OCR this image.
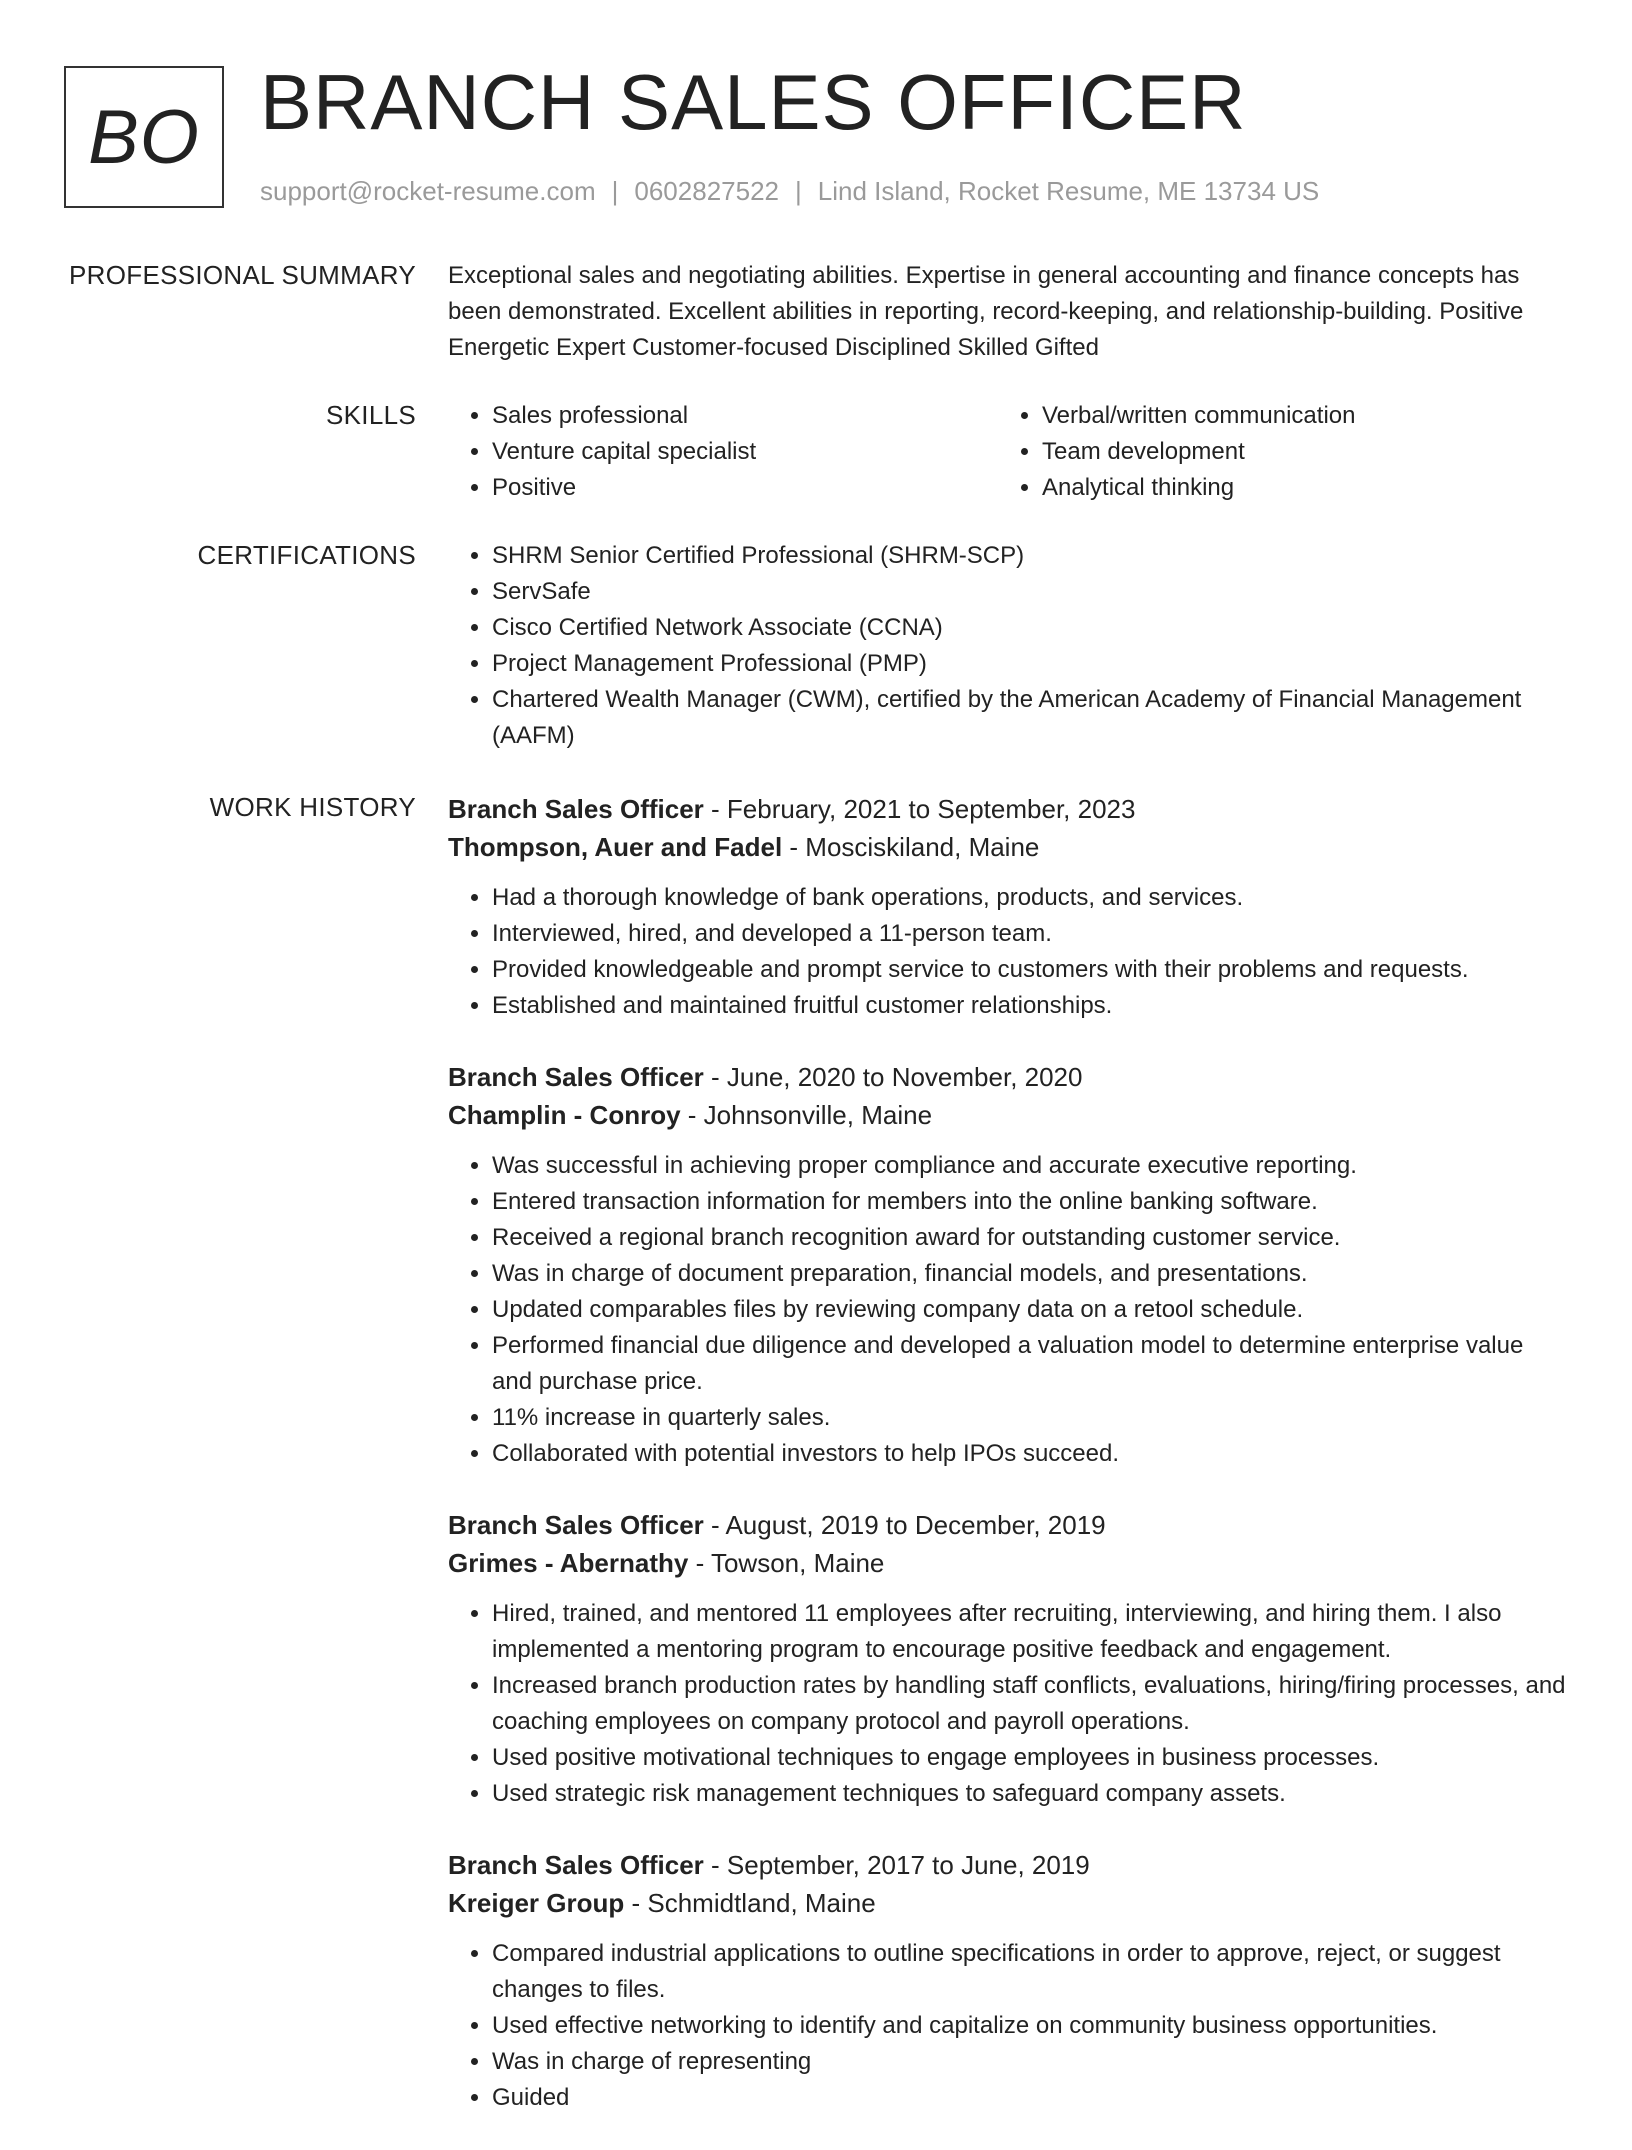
BO BRANCH SALES OFFICER
support@rocket-resume.com | 0602827522 | Lind Island, Rocket Resume, ME 13734 US
PROFESSIONAL SUMMARY Exceptional sales and negotiating abilities. Expertise in general accounting and finance concepts has been demonstrated. Excellent abilities in reporting, record-keeping, and relationship-building. Positive Energetic Expert Customer-focused Disciplined Skilled Gifted

SKILLS	• Sales professional
• Venture capital specialist
• Positive
• Verbal/written communication
• Team development
• Analytical thinking
CERTIFICATIONS	• SHRM Senior Certified Professional (SHRM-SCP)
• ServSafe
• Cisco Certified Network Associate (CCNA)
• Project Management Professional (PMP)
• Chartered Wealth Manager (CWM), certified by the American Academy of Financial Management (AAFM)
WORK HISTORY Branch Sales Officer - February, 2021 to September, 2023
Thompson, Auer and Fadel - Mosciskiland, Maine
• Had a thorough knowledge of bank operations, products, and services.
• Interviewed, hired, and developed a 11-person team.
• Provided knowledgeable and prompt service to customers with their problems and requests.
• Established and maintained fruitful customer relationships.
Branch Sales Officer - June, 2020 to November, 2020
Champlin - Conroy - Johnsonville, Maine
• Was successful in achieving proper compliance and accurate executive reporting.
• Entered transaction information for members into the online banking software.
• Received a regional branch recognition award for outstanding customer service.
• Was in charge of document preparation, financial models, and presentations.
• Updated comparables files by reviewing company data on a retool schedule.
• Performed financial due diligence and developed a valuation model to determine enterprise value and purchase price.
• 11% increase in quarterly sales.
• Collaborated with potential investors to help IPOs succeed.
Branch Sales Officer - August, 2019 to December, 2019
Grimes - Abernathy - Towson, Maine
• Hired, trained, and mentored 11 employees after recruiting, interviewing, and hiring them. I also implemented a mentoring program to encourage positive feedback and engagement.
• Increased branch production rates by handling staff conflicts, evaluations, hiring/firing processes, and coaching employees on company protocol and payroll operations.
• Used positive motivational techniques to engage employees in business processes.
• Used strategic risk management techniques to safeguard company assets.
Branch Sales Officer - September, 2017 to June, 2019
Kreiger Group - Schmidtland, Maine
• Compared industrial applications to outline specifications in order to approve, reject, or suggest changes to files.
• Used effective networking to identify and capitalize on community business opportunities.
• Was in charge of representing
• Guided
